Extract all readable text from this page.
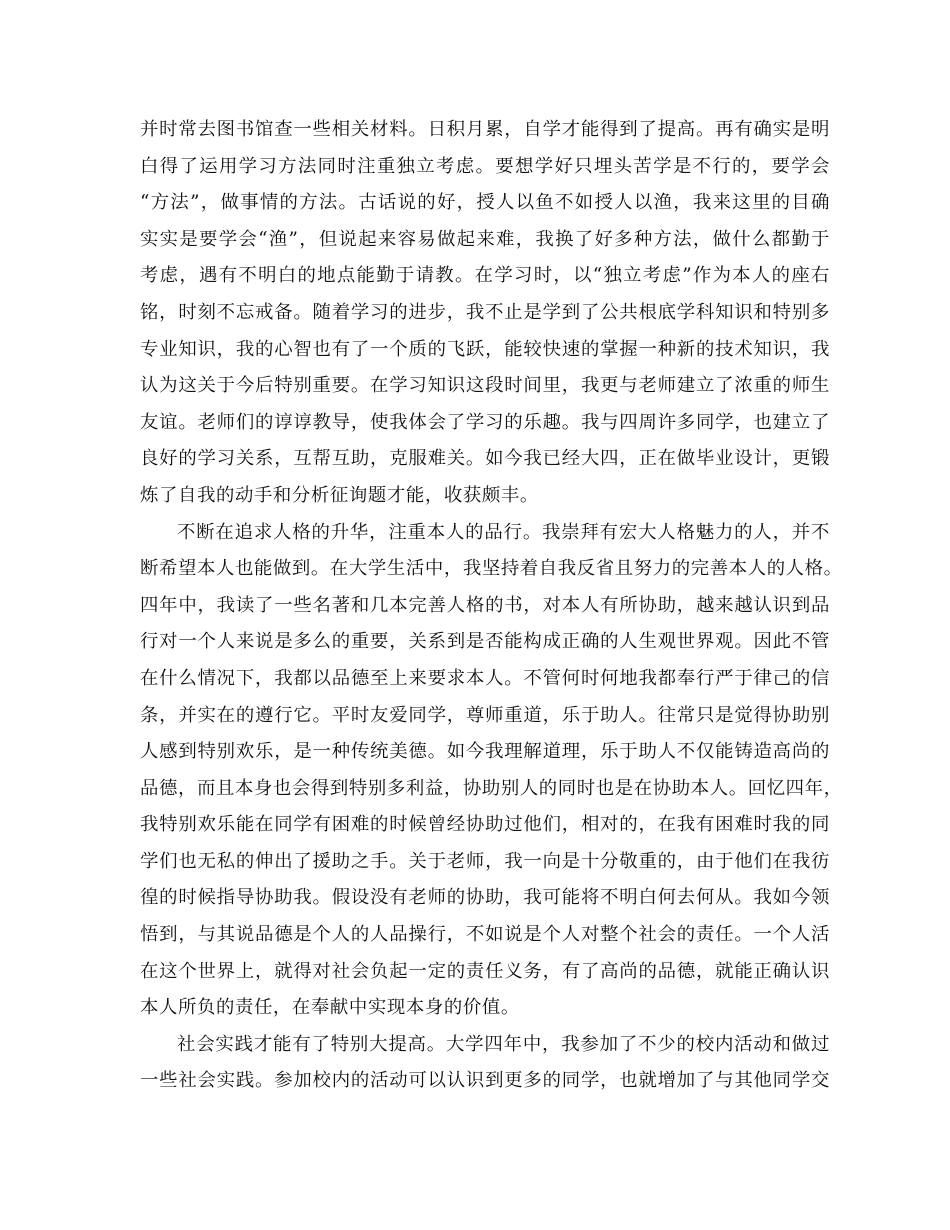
并时常去图书馆查一些相关材料。日积月累，自学才能得到了提高。再有确实是明
白得了运用学习方法同时注重独立考虑。要想学好只埋头苦学是不行的，要学会
“方法”，做事情的方法。古话说的好，授人以鱼不如授人以渔，我来这里的目确
实实是要学会“渔”，但说起来容易做起来难，我换了好多种方法，做什么都勤于
考虑，遇有不明白的地点能勤于请教。在学习时，以“独立考虑”作为本人的座右
铭，时刻不忘戒备。随着学习的进步，我不止是学到了公共根底学科知识和特别多
专业知识，我的心智也有了一个质的飞跃，能较快速的掌握一种新的技术知识，我
认为这关于今后特别重要。在学习知识这段时间里，我更与老师建立了浓重的师生
友谊。老师们的谆谆教导，使我体会了学习的乐趣。我与四周许多同学，也建立了
良好的学习关系，互帮互助，克服难关。如今我已经大四，正在做毕业设计，更锻
炼了自我的动手和分析征询题才能，收获颇丰。
不断在追求人格的升华，注重本人的品行。我崇拜有宏大人格魅力的人，并不
断希望本人也能做到。在大学生活中，我坚持着自我反省且努力的完善本人的人格。
四年中，我读了一些名著和几本完善人格的书，对本人有所协助，越来越认识到品
行对一个人来说是多么的重要，关系到是否能构成正确的人生观世界观。因此不管
在什么情况下，我都以品德至上来要求本人。不管何时何地我都奉行严于律己的信
条，并实在的遵行它。平时友爱同学，尊师重道，乐于助人。往常只是觉得协助别
人感到特别欢乐，是一种传统美德。如今我理解道理，乐于助人不仅能铸造高尚的
品德，而且本身也会得到特别多利益，协助别人的同时也是在协助本人。回忆四年，
我特别欢乐能在同学有困难的时候曾经协助过他们，相对的，在我有困难时我的同
学们也无私的伸出了援助之手。关于老师，我一向是十分敬重的，由于他们在我彷
徨的时候指导协助我。假设没有老师的协助，我可能将不明白何去何从。我如今领
悟到，与其说品德是个人的人品操行，不如说是个人对整个社会的责任。一个人活
在这个世界上，就得对社会负起一定的责任义务，有了高尚的品德，就能正确认识
本人所负的责任，在奉献中实现本身的价值。
社会实践才能有了特别大提高。大学四年中，我参加了不少的校内活动和做过
一些社会实践。参加校内的活动可以认识到更多的同学，也就增加了与其他同学交
